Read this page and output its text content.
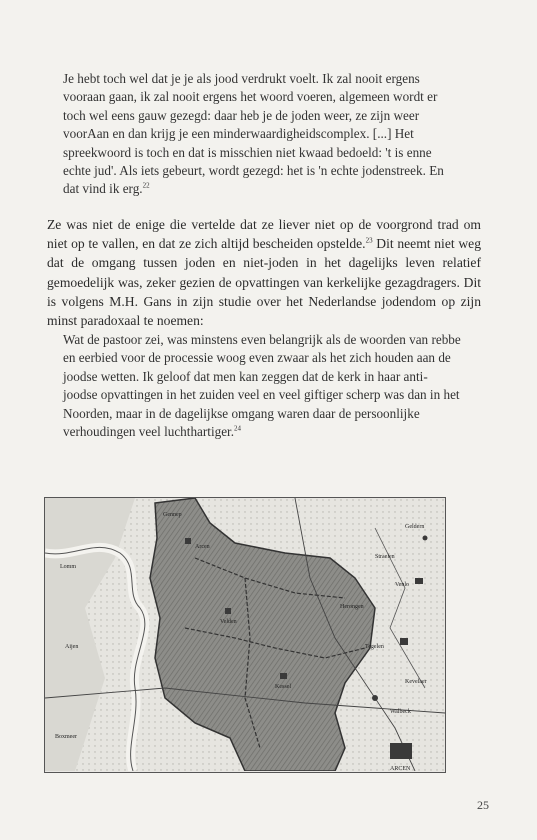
Je hebt toch wel dat je je als jood verdrukt voelt. Ik zal nooit ergens vooraan gaan, ik zal nooit ergens het woord voeren, algemeen wordt er toch wel eens gauw gezegd: daar heb je de joden weer, ze zijn weer voorAan en dan krijg je een minderwaardigheidscomplex. [...] Het spreekwoord is toch en dat is misschien niet kwaad bedoeld: 't is enne echte jud'. Als iets gebeurt, wordt gezegd: het is 'n echte jodenstreek. En dat vind ik erg.$^{22}$

Ze was niet de enige die vertelde dat ze liever niet op de voorgrond trad om niet op te vallen, en dat ze zich altijd bescheiden opstelde.$^{23}$ Dit neemt niet weg dat de omgang tussen joden en niet-joden in het dagelijks leven relatief gemoedelijk was, zeker gezien de opvattingen van kerkelijke gezagdragers. Dit is volgens M.H. Gans in zijn studie over het Nederlandse jodendom op zijn minst paradoxaal te noemen:

Wat de pastoor zei, was minstens even belangrijk als de woorden van rebbe en eerbied voor de processie woog even zwaar als het zich houden aan de joodse wetten. Ik geloof dat men kan zeggen dat de kerk in haar anti-joodse opvattingen in het zuiden veel en veel giftiger scherp was dan in het Noorden, maar in de dagelijkse omgang waren daar de persoonlijke verhoudingen veel luchthartiger.$^{24}$

Gennep
Arcen
ARCEN
Venlo
Lomm
Tegelen
Aijen
Velden
Boxmeer
Kessel
Straelen
Walbeck
Geldern
Herongen
Kevelaer
25
